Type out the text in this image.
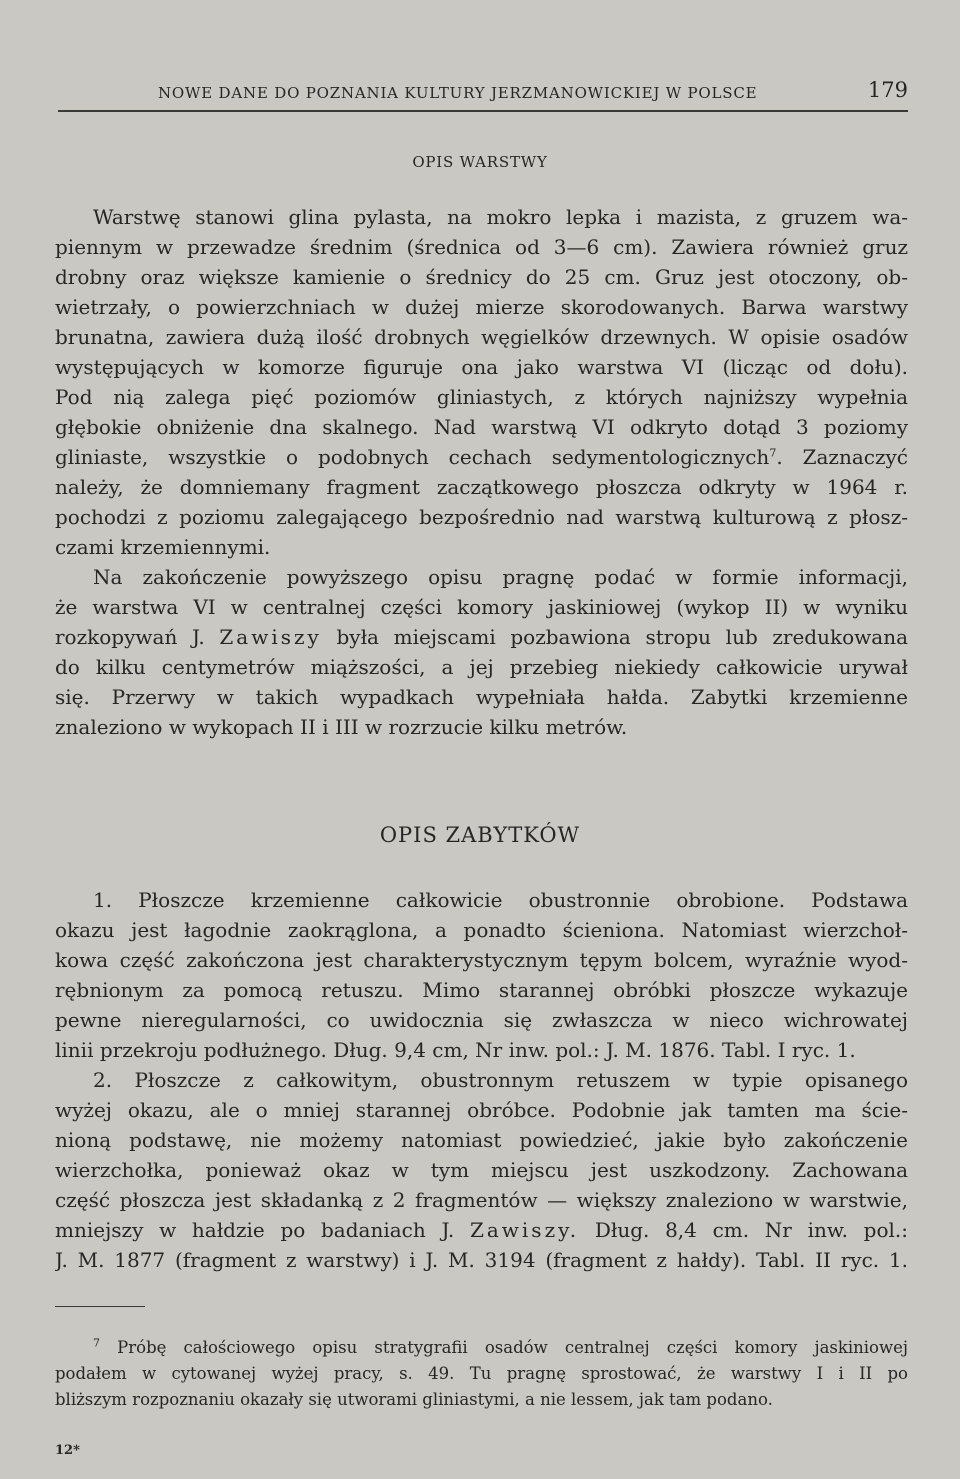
NOWE DANE DO POZNANIA KULTURY JERZMANOWICKIEJ W POLSCE	179
OPIS WARSTWY
Warstwę stanowi glina pylasta, na mokro lepka i mazista, z gruzem wa-
piennym w przewadze średnim (średnica od 3—6 cm). Zawiera również gruz
drobny oraz większe kamienie o średnicy do 25 cm. Gruz jest otoczony, ob-
wietrzały, o powierzchniach w dużej mierze skorodowanych. Barwa warstwy
brunatna, zawiera dużą ilość drobnych węgielków drzewnych. W opisie osadów
występujących w komorze figuruje ona jako warstwa VI (licząc od dołu).
Pod nią zalega pięć poziomów gliniastych, z których najniższy wypełnia
głębokie obniżenie dna skalnego. Nad warstwą VI odkryto dotąd 3 poziomy
gliniaste, wszystkie o podobnych cechach sedymentologicznych$^7$. Zaznaczyć
należy, że domniemany fragment zaczątkowego płoszcza odkryty w 1964 r.
pochodzi z poziomu zalegającego bezpośrednio nad warstwą kulturową z płosz-
czami krzemiennymi.
Na zakończenie powyższego opisu pragnę podać w formie informacji,
że warstwa VI w centralnej części komory jaskiniowej (wykop II) w wyniku
rozkopywań J. Zawiszy była miejscami pozbawiona stropu lub zredukowana
do kilku centymetrów miąższości, a jej przebieg niekiedy całkowicie urywał
się. Przerwy w takich wypadkach wypełniała hałda. Zabytki krzemienne
znaleziono w wykopach II i III w rozrzucie kilku metrów.
OPIS ZABYTKÓW
1. Płoszcze krzemienne całkowicie obustronnie obrobione. Podstawa
okazu jest łagodnie zaokrąglona, a ponadto ścieniona. Natomiast wierzchoł-
kowa część zakończona jest charakterystycznym tępym bolcem, wyraźnie wyod-
rębnionym za pomocą retuszu. Mimo starannej obróbki płoszcze wykazuje
pewne nieregularności, co uwidocznia się zwłaszcza w nieco wichrowatej
linii przekroju podłużnego. Dług. 9,4 cm, Nr inw. pol.: J. M. 1876. Tabl. I ryc. 1.
2. Płoszcze z całkowitym, obustronnym retuszem w typie opisanego
wyżej okazu, ale o mniej starannej obróbce. Podobnie jak tamten ma ście-
nioną podstawę, nie możemy natomiast powiedzieć, jakie było zakończenie
wierzchołka, ponieważ okaz w tym miejscu jest uszkodzony. Zachowana
część płoszcza jest składanką z 2 fragmentów — większy znaleziono w warstwie,
mniejszy w hałdzie po badaniach J. Zawiszy. Dług. 8,4 cm. Nr inw. pol.:
J. M. 1877 (fragment z warstwy) i J. M. 3194 (fragment z hałdy). Tabl. II ryc. 1.
$^7$ Próbę całościowego opisu stratygrafii osadów centralnej części komory jaskiniowej
podałem w cytowanej wyżej pracy, s. 49. Tu pragnę sprostować, że warstwy I i II po
bliższym rozpoznaniu okazały się utworami gliniastymi, a nie lessem, jak tam podano.
12*
